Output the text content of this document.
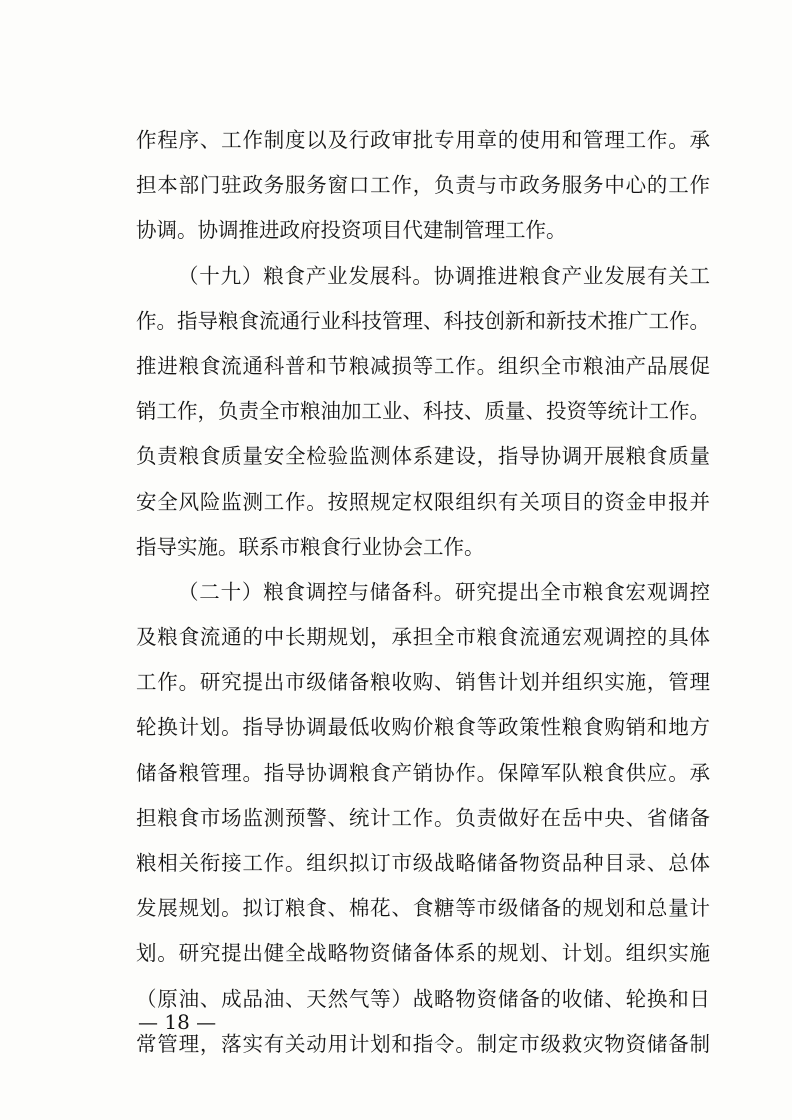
作程序、工作制度以及行政审批专用章的使用和管理工作。承
担本部门驻政务服务窗口工作，负责与市政务服务中心的工作
协调。协调推进政府投资项目代建制管理工作。
（十九）粮食产业发展科。协调推进粮食产业发展有关工
作。指导粮食流通行业科技管理、科技创新和新技术推广工作。
推进粮食流通科普和节粮减损等工作。组织全市粮油产品展促
销工作，负责全市粮油加工业、科技、质量、投资等统计工作。
负责粮食质量安全检验监测体系建设，指导协调开展粮食质量
安全风险监测工作。按照规定权限组织有关项目的资金申报并
指导实施。联系市粮食行业协会工作。
（二十）粮食调控与储备科。研究提出全市粮食宏观调控
及粮食流通的中长期规划，承担全市粮食流通宏观调控的具体
工作。研究提出市级储备粮收购、销售计划并组织实施，管理
轮换计划。指导协调最低收购价粮食等政策性粮食购销和地方
储备粮管理。指导协调粮食产销协作。保障军队粮食供应。承
担粮食市场监测预警、统计工作。负责做好在岳中央、省储备
粮相关衔接工作。组织拟订市级战略储备物资品种目录、总体
发展规划。拟订粮食、棉花、食糖等市级储备的规划和总量计
划。研究提出健全战略物资储备体系的规划、计划。组织实施
（原油、成品油、天然气等）战略物资储备的收储、轮换和日
常管理，落实有关动用计划和指令。制定市级救灾物资储备制
— 18 —
